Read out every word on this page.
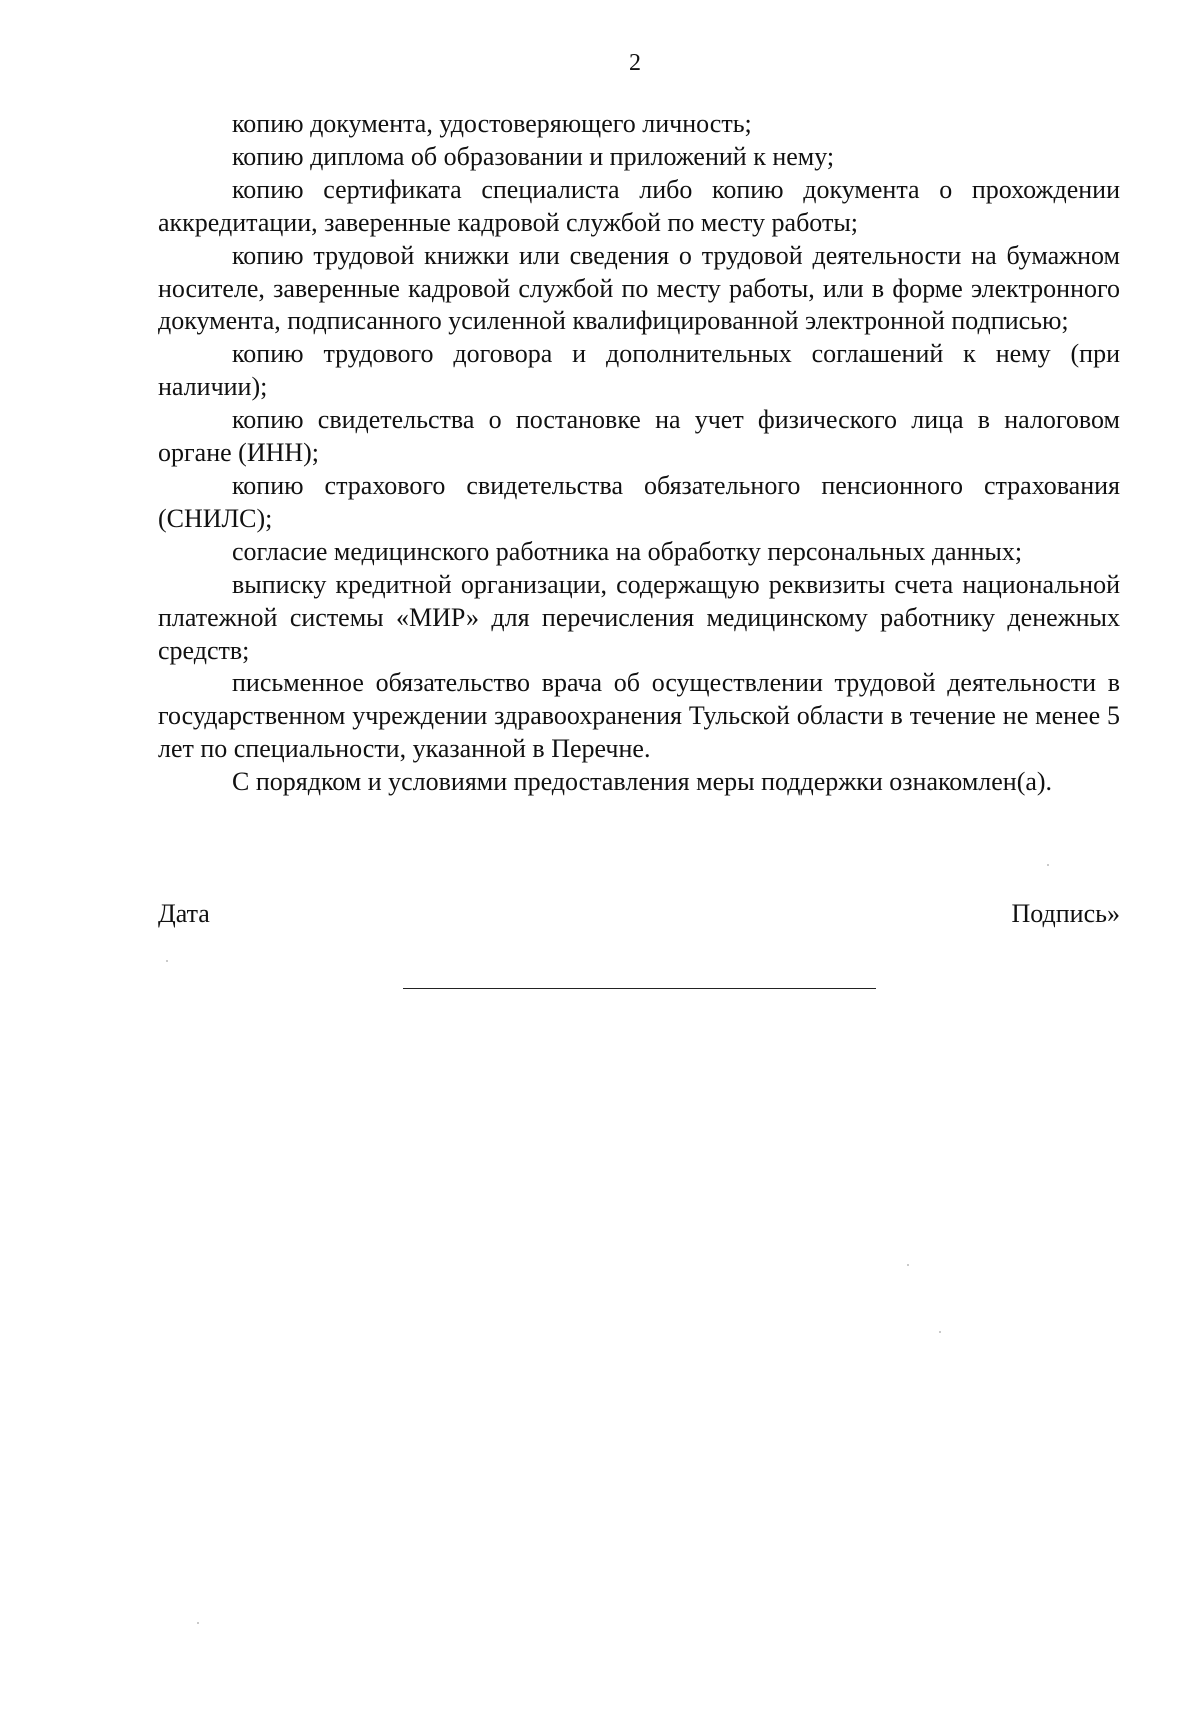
2

копию документа, удостоверяющего личность;

копию диплома об образовании и приложений к нему;

копию сертификата специалиста либо копию документа о прохождении аккредитации, заверенные кадровой службой по месту работы;

копию трудовой книжки или сведения о трудовой деятельности на бумажном носителе, заверенные кадровой службой по месту работы, или в форме электронного документа, подписанного усиленной квалифицированной электронной подписью;

копию трудового договора и дополнительных соглашений к нему (при наличии);

копию свидетельства о постановке на учет физического лица в налоговом органе (ИНН);

копию страхового свидетельства обязательного пенсионного страхования (СНИЛС);

согласие медицинского работника на обработку персональных данных;

выписку кредитной организации, содержащую реквизиты счета национальной платежной системы «МИР» для перечисления медицинскому работнику денежных средств;

письменное обязательство врача об осуществлении трудовой деятельности в государственном учреждении здравоохранения Тульской области в течение не менее 5 лет по специальности, указанной в Перечне.

С порядком и условиями предоставления меры поддержки ознакомлен(а).

Дата	Подпись»
